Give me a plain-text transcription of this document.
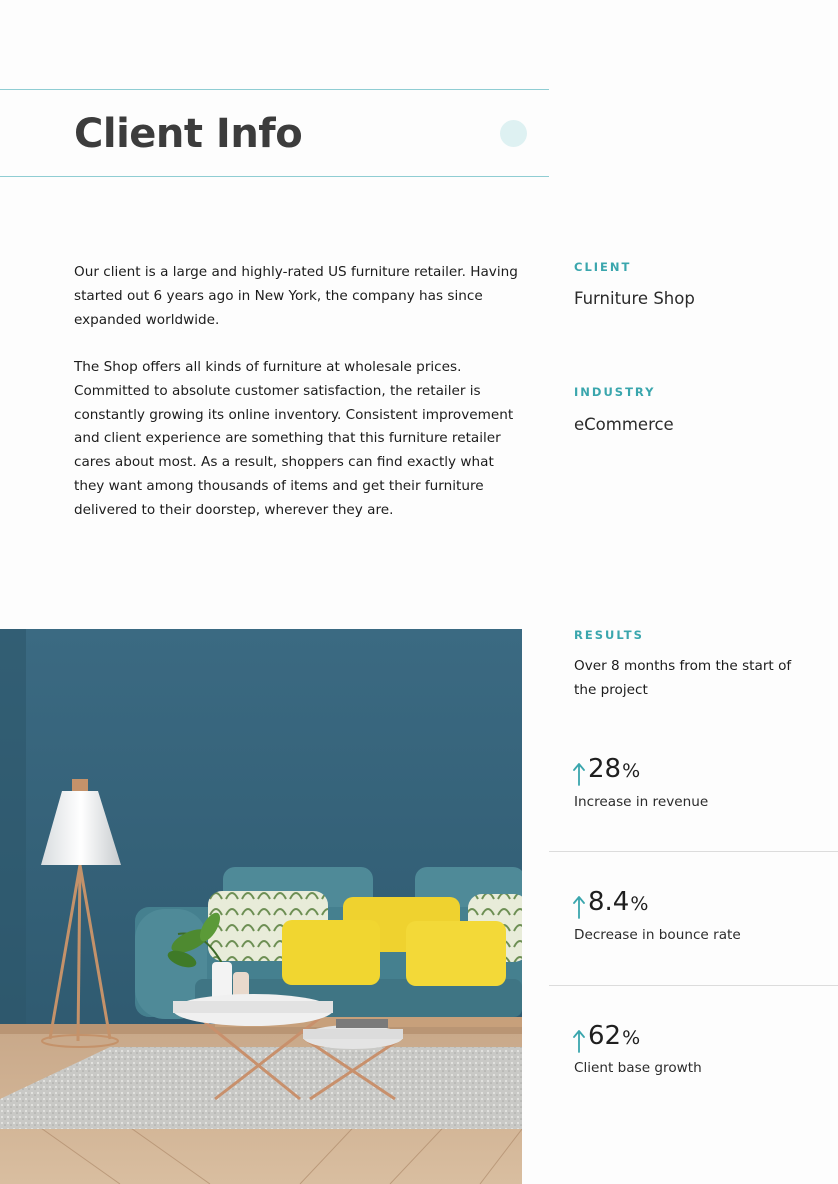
Client Info

Our client is a large and highly-rated US furniture retailer. Having started out 6 years ago in New York, the company has since expanded worldwide.

The Shop offers all kinds of furniture at wholesale prices. Committed to absolute customer satisfaction, the retailer is constantly growing its online inventory. Consistent improvement and client experience are something that this furniture retailer cares about most. As a result, shoppers can find exactly what they want among thousands of items and get their furniture delivered to their doorstep, wherever they are.

CLIENT
Furniture Shop
INDUSTRY
eCommerce
RESULTS
Over 8 months from the start of the project
28 %
Increase in revenue
8.4 %
Decrease in bounce rate
62 %
Client base growth
